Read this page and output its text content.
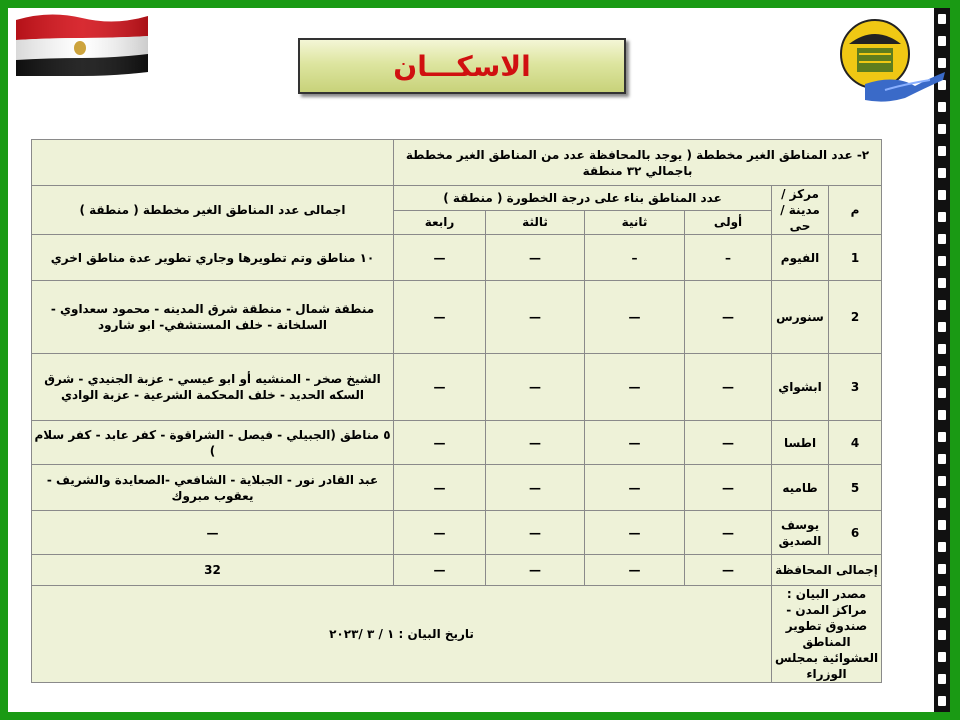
الاسكـــان
٢- عدد المناطق الغير مخططة ( يوجد بالمحافظة عدد من المناطق الغير مخططة باجمالي ٣٢ منطقة						
م	مركز / مدينة / حى	عدد المناطق بناء على درجة الخطورة ( منطقة )				اجمالى عدد المناطق الغير مخططة ( منطقة )
		أولى	ثانية	ثالثة	رابعة	
1	الفيوم	–	–	—	—	١٠ مناطق وتم تطويرها وجاري تطوير عدة مناطق اخري
2	سنورس	—	—	—	—	منطقة شمال - منطقة شرق المدينه - محمود سعداوي - السلخانة - خلف المستشفي- ابو شارود
3	ابشواي	—	—	—	—	الشيخ صخر - المنشيه أو ابو عيسي - عزبة الجنيدي - شرق السكه الحديد - خلف المحكمة الشرعية - عزبة الوادي
4	اطسا	—	—	—	—	٥ مناطق (الجبيلي - فيصل - الشراقوة - كفر عابد - كفر سلام )
5	طاميه	—	—	—	—	عبد القادر نور - الجبلاية - الشافعي -الصعايدة والشريف - يعقوب مبروك
6	يوسف الصديق	—	—	—	—	—
إجمالى المحافظة		—	—	—	—	32
مصدر البيان : مراكز المدن - صندوق تطوير المناطق العشوائية بمجلس الوزراء		تاريخ البيان : ١ / ٣ /٢٠٢٣				
